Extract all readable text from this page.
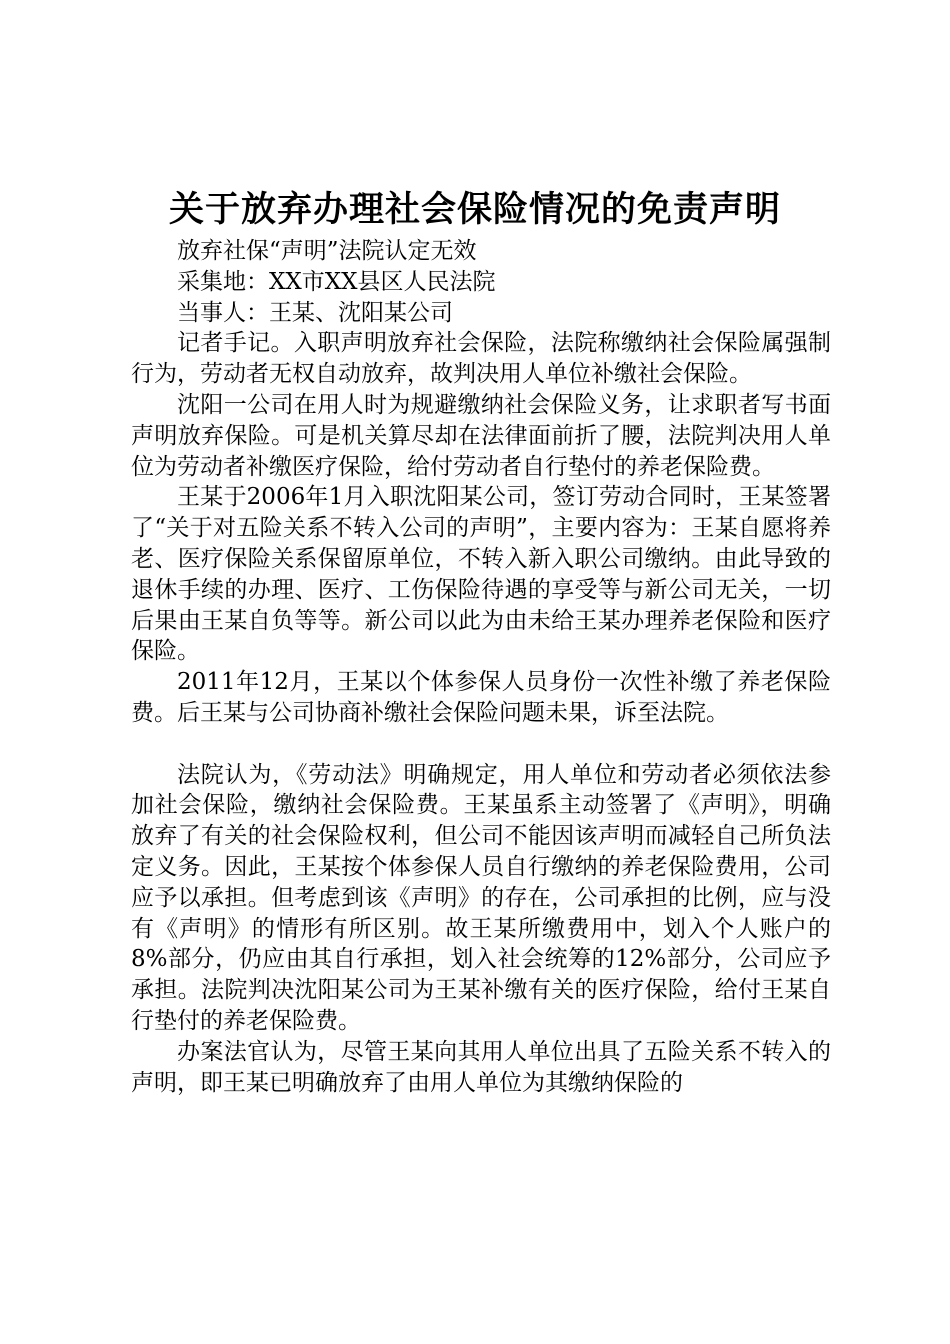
关于放弃办理社会保险情况的免责声明

放弃社保“声明”法院认定无效

采集地：XX市XX县区人民法院

当事人：王某、沈阳某公司

记者手记。入职声明放弃社会保险，法院称缴纳社会保险属强制行为，劳动者无权自动放弃，故判决用人单位补缴社会保险。

沈阳一公司在用人时为规避缴纳社会保险义务，让求职者写书面声明放弃保险。可是机关算尽却在法律面前折了腰，法院判决用人单位为劳动者补缴医疗保险，给付劳动者自行垫付的养老保险费。

王某于2006年1月入职沈阳某公司，签订劳动合同时，王某签署了“关于对五险关系不转入公司的声明”，主要内容为：王某自愿将养老、医疗保险关系保留原单位，不转入新入职公司缴纳。由此导致的退休手续的办理、医疗、工伤保险待遇的享受等与新公司无关，一切后果由王某自负等等。新公司以此为由未给王某办理养老保险和医疗保险。

2011年12月，王某以个体参保人员身份一次性补缴了养老保险费。后王某与公司协商补缴社会保险问题未果，诉至法院。

法院认为，《劳动法》明确规定，用人单位和劳动者必须依法参加社会保险，缴纳社会保险费。王某虽系主动签署了《声明》，明确放弃了有关的社会保险权利，但公司不能因该声明而减轻自己所负法定义务。因此，王某按个体参保人员自行缴纳的养老保险费用，公司应予以承担。但考虑到该《声明》的存在，公司承担的比例，应与没有《声明》的情形有所区别。故王某所缴费用中，划入个人账户的8%部分，仍应由其自行承担，划入社会统筹的12%部分，公司应予承担。法院判决沈阳某公司为王某补缴有关的医疗保险，给付王某自行垫付的养老保险费。

办案法官认为，尽管王某向其用人单位出具了五险关系不转入的声明，即王某已明确放弃了由用人单位为其缴纳保险的
